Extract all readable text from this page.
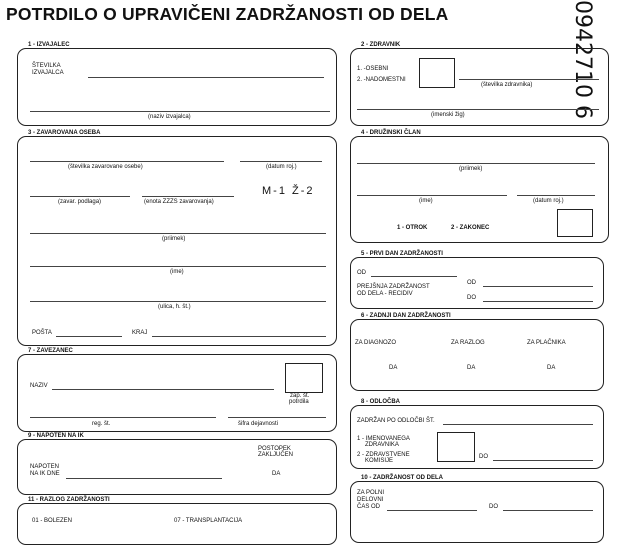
POTRDILO O UPRAVIČENI ZADRŽANOSTI OD DELA	0942710 6
1 - IZVAJALEC
ŠTEVILKA
IZVAJALCA
(naziv izvajalca)
2 - ZDRAVNIK
1. -OSEBNI
2. -NADOMESTNI
(številka zdravnika)
(imenski žig)
3 - ZAVAROVANA OSEBA
(številka zavarovane osebe)	(datum roj.)
(zavar. podlaga)	(enota ZZZS zavarovanja)
M-1 Ž-2
(priimek)
(ime)
(ulica, h. št.)
POŠTA	KRAJ
4 - DRUŽINSKI ČLAN
(priimek)
(ime)	(datum roj.)
1 - OTROK	2 - ZAKONEC
5 - PRVI DAN ZADRŽANOSTI
OD
PREJŠNJA ZADRŽANOST
OD DELA - RECIDIV
OD
DO
6 - ZADNJI DAN ZADRŽANOSTI
ZA DIAGNOZO	ZA RAZLOG	ZA PLAČNIKA
DA	DA	DA
7 - ZAVEZANEC
NAZIV
zap. št.
potrdila
reg. št.	šifra dejavnosti
8 - ODLOČBA
ZADRŽAN PO ODLOČBI ŠT.
1 - IMENOVANEGA
ZDRAVNIKA
2 - ZDRAVSTVENE
KOMISIJE
DO
9 - NAPOTEN NA IK
POSTOPEK
ZAKLJUČEN
NAPOTEN
NA IK DNE	DA
10 - ZADRŽANOST OD DELA
ZA POLNI
DELOVNI
ČAS OD	DO
11 - RAZLOG ZADRŽANOSTI
01 - BOLEZEN	07 - TRANSPLANTACIJA
